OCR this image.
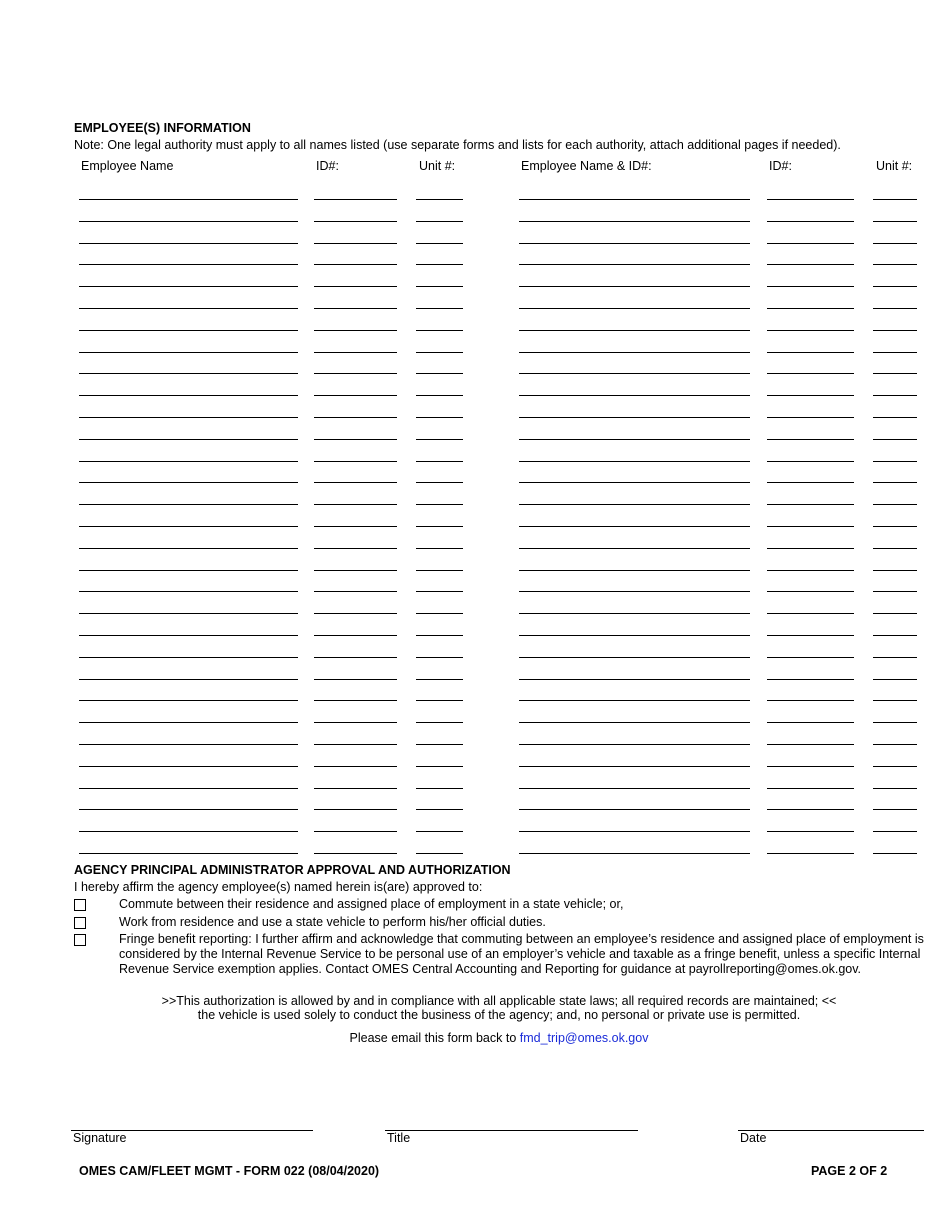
EMPLOYEE(S) INFORMATION
Note: One legal authority must apply to all names listed (use separate forms and lists for each authority, attach additional pages if needed).
Employee Name	ID#:	Unit #:	Employee Name & ID#:	ID#:	Unit #:
AGENCY PRINCIPAL ADMINISTRATOR APPROVAL AND AUTHORIZATION
I hereby affirm the agency employee(s) named herein is(are) approved to:
Commute between their residence and assigned place of employment in a state vehicle; or,
Work from residence and use a state vehicle to perform his/her official duties.
Fringe benefit reporting: I further affirm and acknowledge that commuting between an employee’s residence and assigned place of employment is considered by the Internal Revenue Service to be personal use of an employer’s vehicle and taxable as a fringe benefit, unless a specific Internal Revenue Service exemption applies. Contact OMES Central Accounting and Reporting for guidance at payrollreporting@omes.ok.gov.
>>This authorization is allowed by and in compliance with all applicable state laws; all required records are maintained; <<
the vehicle is used solely to conduct the business of the agency; and, no personal or private use is permitted.
Please email this form back to fmd_trip@omes.ok.gov
Signature	Title	Date
OMES CAM/FLEET MGMT - FORM 022 (08/04/2020)	PAGE 2 OF 2
